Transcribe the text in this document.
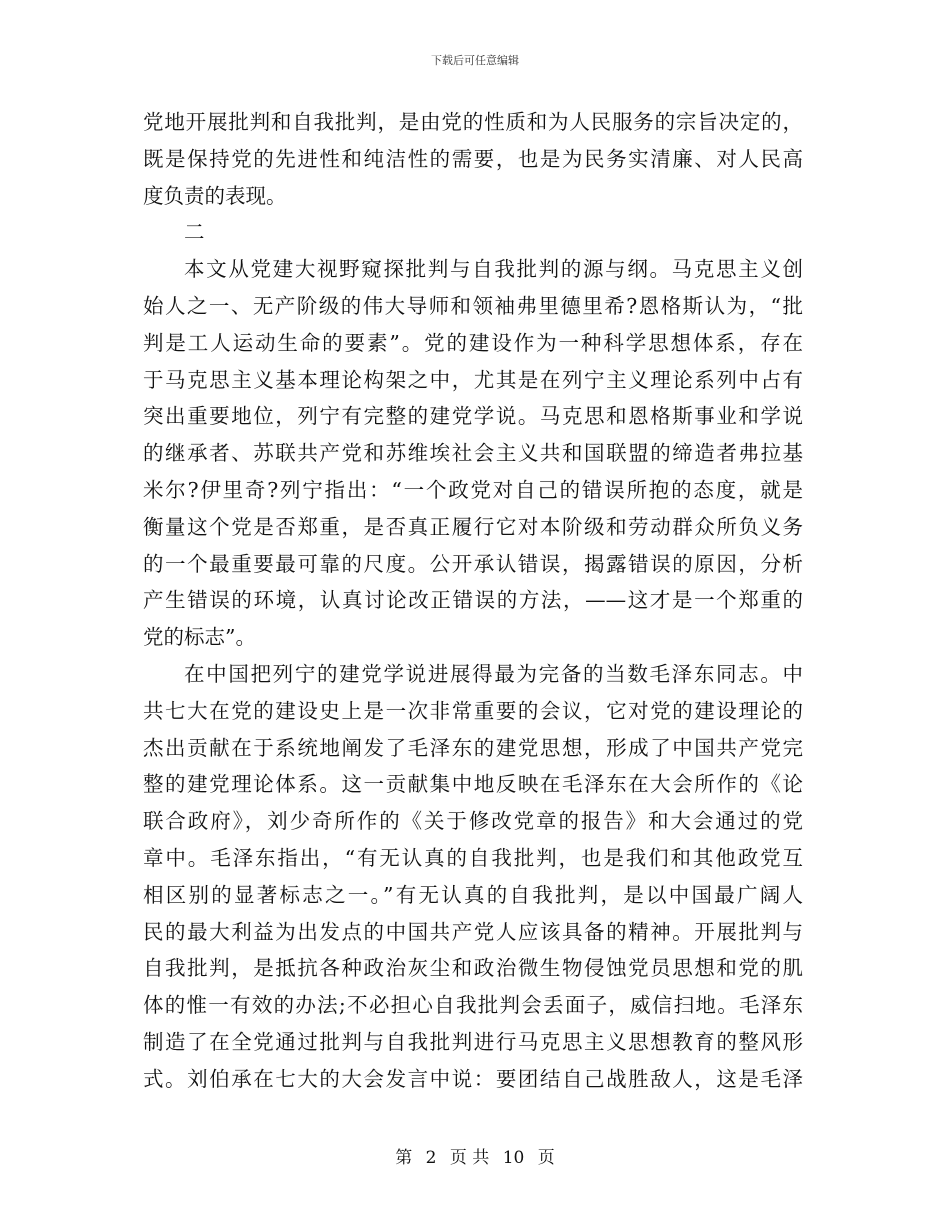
下载后可任意编辑
党地开展批判和自我批判，是由党的性质和为人民服务的宗旨决定的，
既是保持党的先进性和纯洁性的需要，也是为民务实清廉、对人民高
度负责的表现。
二
本文从党建大视野窥探批判与自我批判的源与纲。马克思主义创
始人之一、无产阶级的伟大导师和领袖弗里德里希?恩格斯认为，“批
判是工人运动生命的要素”。党的建设作为一种科学思想体系，存在
于马克思主义基本理论构架之中，尤其是在列宁主义理论系列中占有
突出重要地位，列宁有完整的建党学说。马克思和恩格斯事业和学说
的继承者、苏联共产党和苏维埃社会主义共和国联盟的缔造者弗拉基
米尔?伊里奇?列宁指出：“一个政党对自己的错误所抱的态度，就是
衡量这个党是否郑重，是否真正履行它对本阶级和劳动群众所负义务
的一个最重要最可靠的尺度。公开承认错误，揭露错误的原因，分析
产生错误的环境，认真讨论改正错误的方法，——这才是一个郑重的
党的标志”。
在中国把列宁的建党学说进展得最为完备的当数毛泽东同志。中
共七大在党的建设史上是一次非常重要的会议，它对党的建设理论的
杰出贡献在于系统地阐发了毛泽东的建党思想，形成了中国共产党完
整的建党理论体系。这一贡献集中地反映在毛泽东在大会所作的《论
联合政府》，刘少奇所作的《关于修改党章的报告》和大会通过的党
章中。毛泽东指出，“有无认真的自我批判，也是我们和其他政党互
相区别的显著标志之一。”有无认真的自我批判，是以中国最广阔人
民的最大利益为出发点的中国共产党人应该具备的精神。开展批判与
自我批判，是抵抗各种政治灰尘和政治微生物侵蚀党员思想和党的肌
体的惟一有效的办法;不必担心自我批判会丢面子，威信扫地。毛泽东
制造了在全党通过批判与自我批判进行马克思主义思想教育的整风形
式。刘伯承在七大的大会发言中说：要团结自己战胜敌人，这是毛泽
第 2 页 共 10 页
